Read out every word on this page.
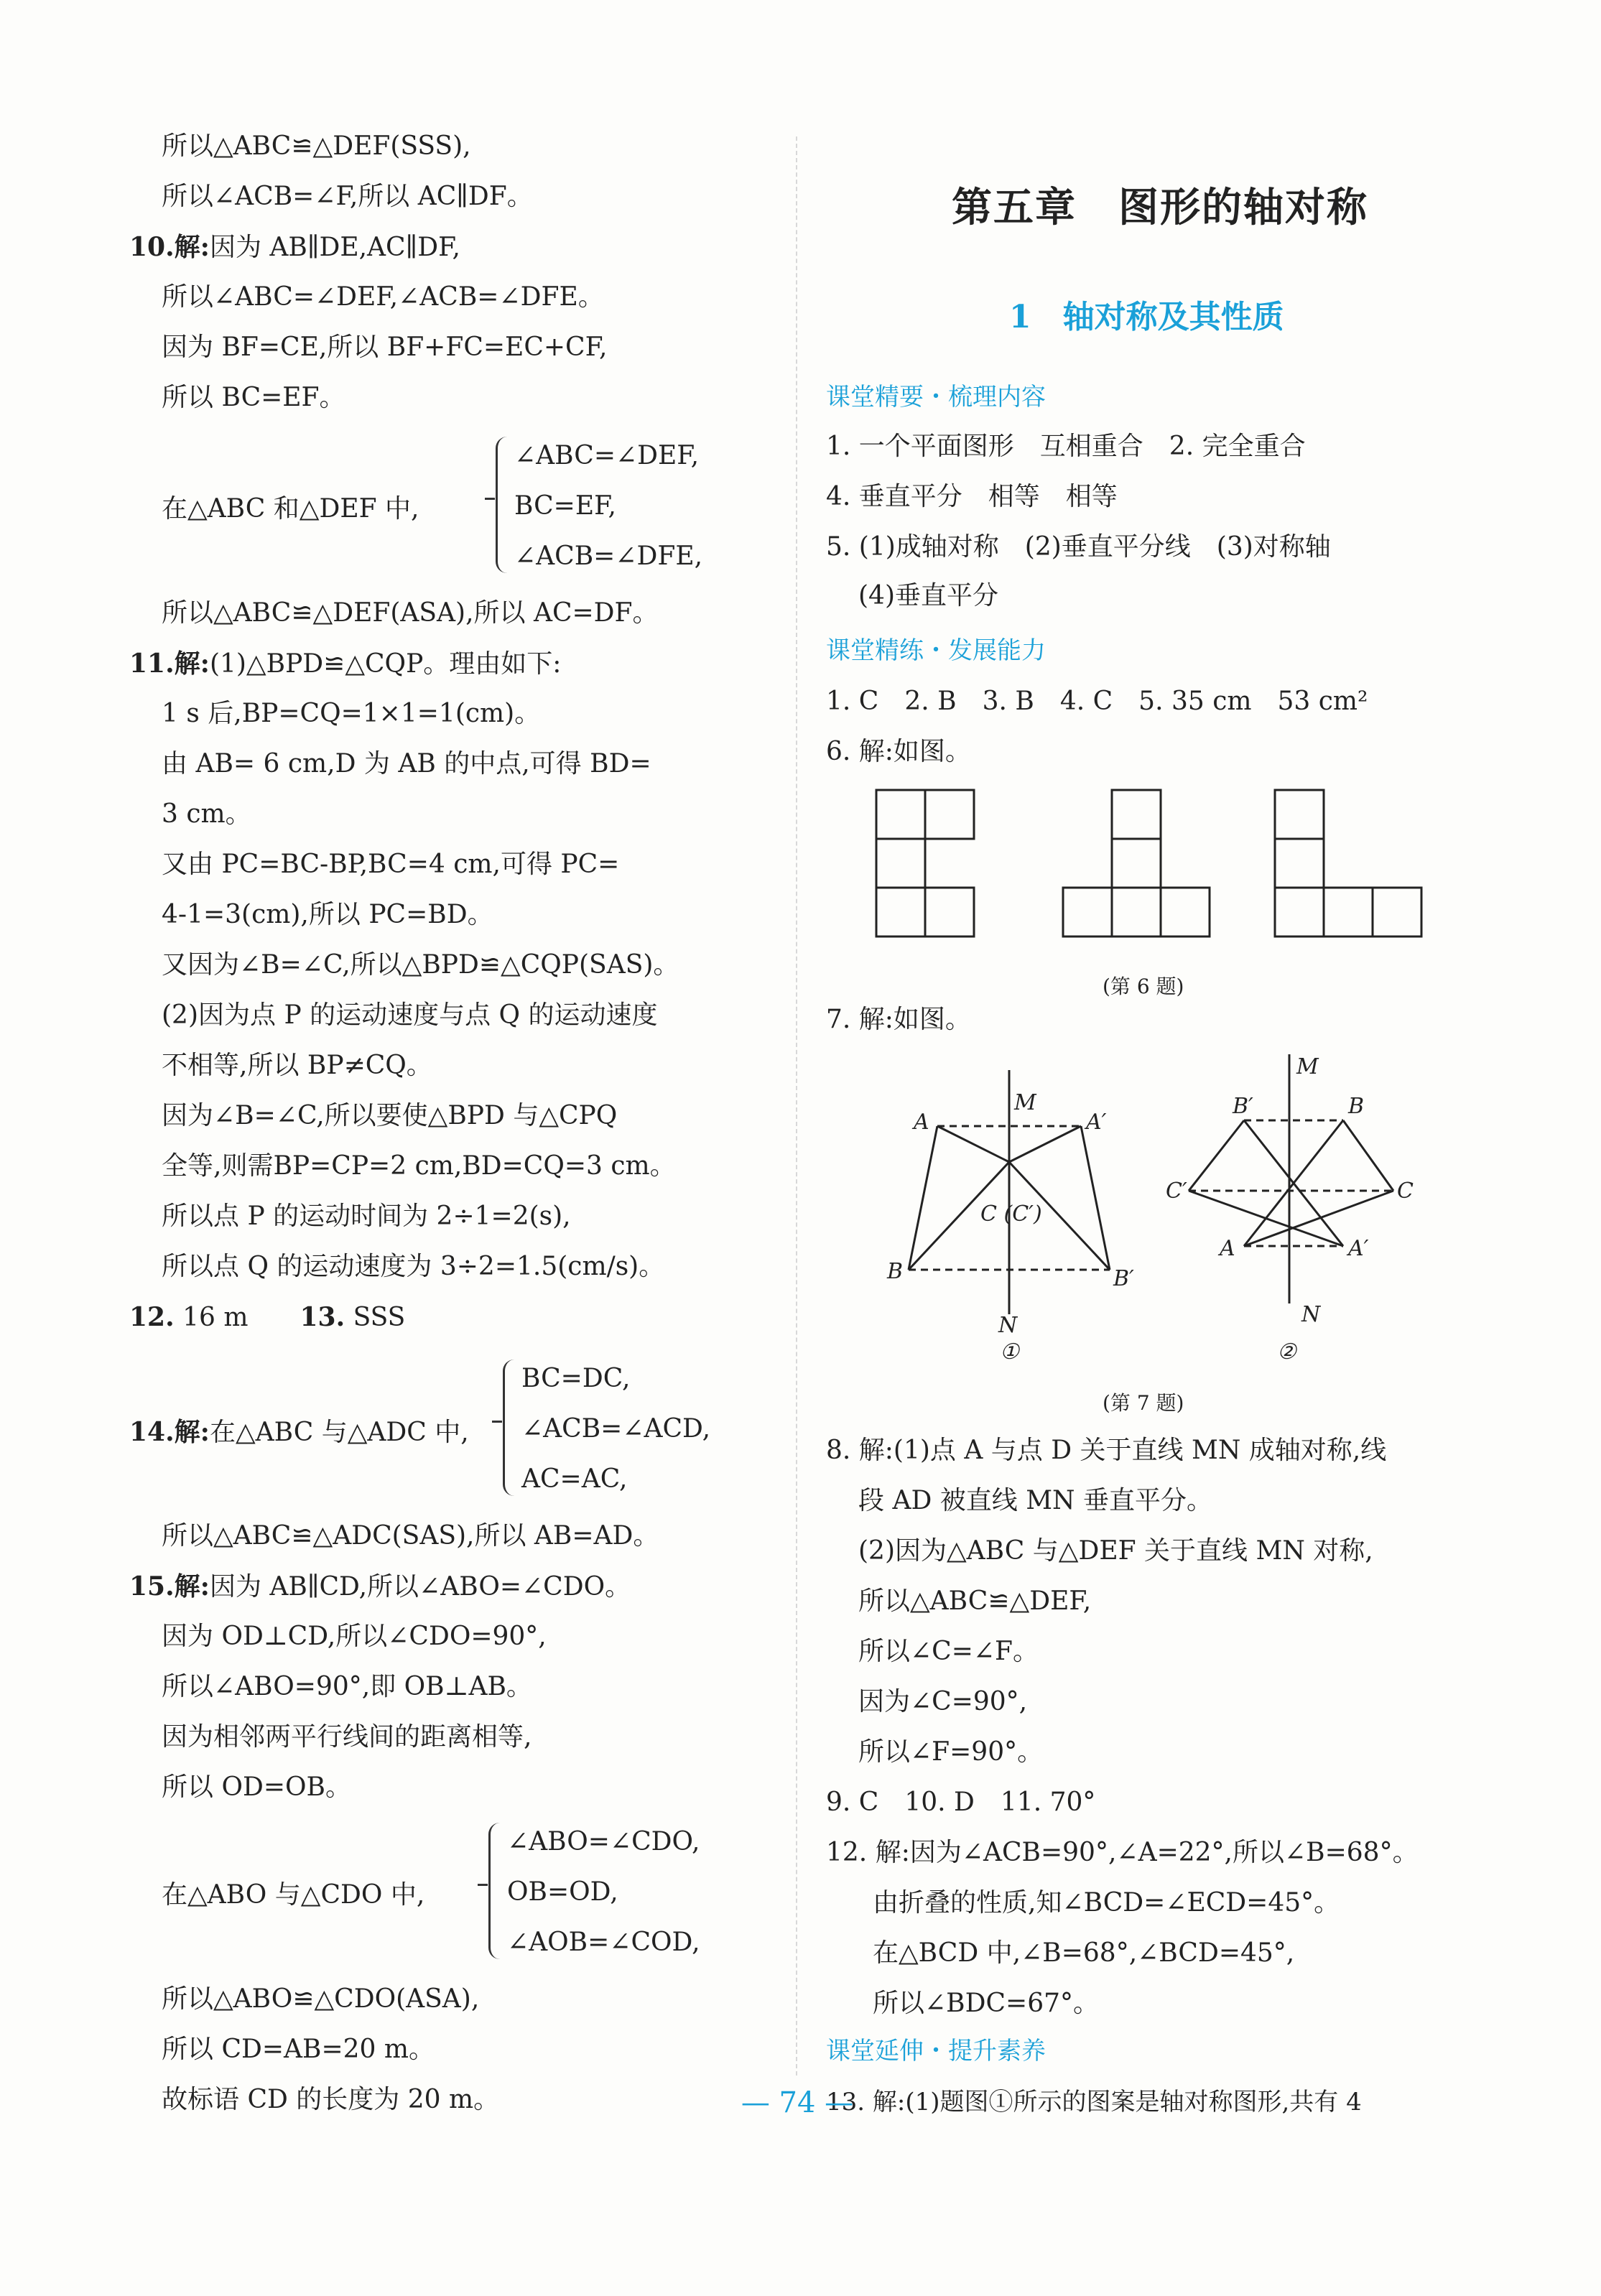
所以△ABC≌△DEF(SSS),
所以∠ACB=∠F,所以 AC∥DF。
10.解:因为 AB∥DE,AC∥DF,
所以∠ABC=∠DEF,∠ACB=∠DFE。
因为 BF=CE,所以 BF+FC=EC+CF,
所以 BC=EF。
在△ABC 和△DEF 中,
∠ABC=∠DEF,
BC=EF,
∠ACB=∠DFE,
所以△ABC≌△DEF(ASA),所以 AC=DF。
11.解:(1)△BPD≌△CQP。理由如下:
1 s 后,BP=CQ=1×1=1(cm)。
由 AB= 6 cm,D 为 AB 的中点,可得 BD=
3 cm。
又由 PC=BC-BP,BC=4 cm,可得 PC=
4-1=3(cm),所以 PC=BD。
又因为∠B=∠C,所以△BPD≌△CQP(SAS)。
(2)因为点 P 的运动速度与点 Q 的运动速度
不相等,所以 BP≠CQ。
因为∠B=∠C,所以要使△BPD 与△CPQ
全等,则需BP=CP=2 cm,BD=CQ=3 cm。
所以点 P 的运动时间为 2÷1=2(s),
所以点 Q 的运动速度为 3÷2=1.5(cm/s)。
12. 16 m　　 13. SSS
14.解:在△ABC 与△ADC 中,
BC=DC,
∠ACB=∠ACD,
AC=AC,
所以△ABC≌△ADC(SAS),所以 AB=AD。
15.解:因为 AB∥CD,所以∠ABO=∠CDO。
因为 OD⊥CD,所以∠CDO=90°,
所以∠ABO=90°,即 OB⊥AB。
因为相邻两平行线间的距离相等,
所以 OD=OB。
在△ABO 与△CDO 中,
∠ABO=∠CDO,
OB=OD,
∠AOB=∠COD,
所以△ABO≌△CDO(ASA),
所以 CD=AB=20 m。
故标语 CD 的长度为 20 m。
第五章　图形的轴对称
1　轴对称及其性质
课堂精要・梳理内容
1. 一个平面图形　互相重合　2. 完全重合
4. 垂直平分　相等　相等
5. (1)成轴对称　(2)垂直平分线　(3)对称轴
(4)垂直平分
课堂精练・发展能力
1. C　2. B　3. B　4. C　5. 35 cm　53 cm²
6. 解:如图。
(第 6 题)
7. 解:如图。
M
A	A′
C (C′)
B	B′
N
①
M
B′	B
C′	C
A	A′
N
②
(第 7 题)
8. 解:(1)点 A 与点 D 关于直线 MN 成轴对称,线
段 AD 被直线 MN 垂直平分。
(2)因为△ABC 与△DEF 关于直线 MN 对称,
所以△ABC≌△DEF,
所以∠C=∠F。
因为∠C=90°,
所以∠F=90°。
9. C　10. D　11. 70°
12. 解:因为∠ACB=90°,∠A=22°,所以∠B=68°。
由折叠的性质,知∠BCD=∠ECD=45°。
在△BCD 中,∠B=68°,∠BCD=45°,
所以∠BDC=67°。
课堂延伸・提升素养
13. 解:(1)题图①所示的图案是轴对称图形,共有 4
— 74 —
